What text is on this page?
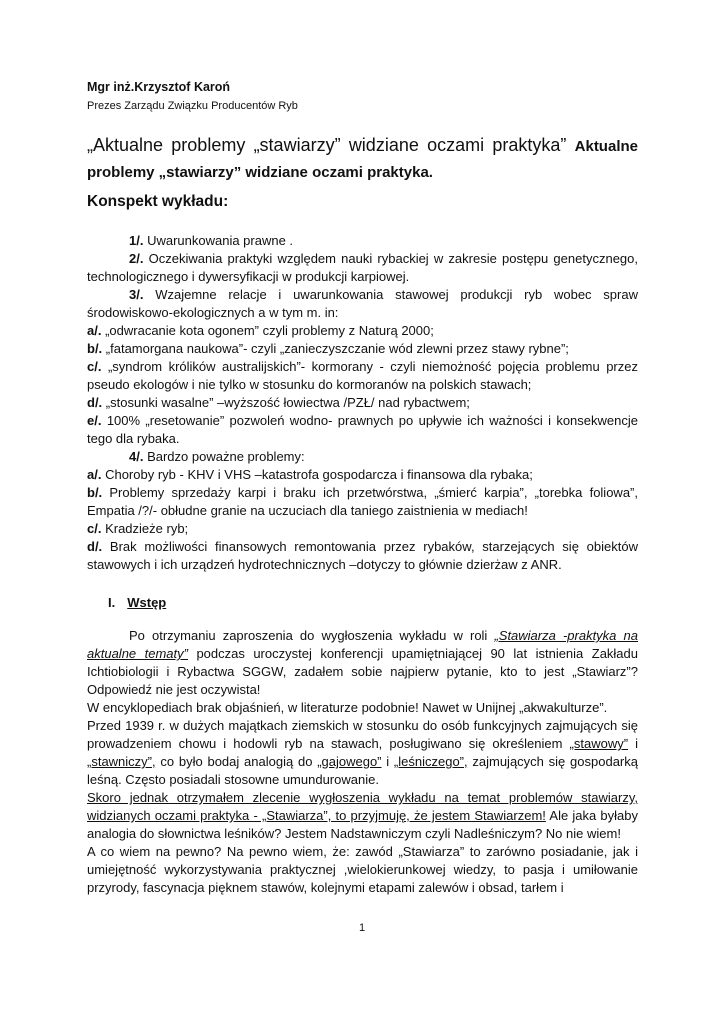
Mgr inż.Krzysztof Karoń
Prezes Zarządu Związku Producentów Ryb
„Aktualne problemy „stawiarzy” widziane oczami praktyka” Aktualne problemy „stawiarzy” widziane oczami praktyka.
Konspekt wykładu:

1/. Uwarunkowania prawne .

2/. Oczekiwania praktyki względem nauki rybackiej w zakresie postępu genetycznego, technologicznego i dywersyfikacji w produkcji karpiowej.

3/. Wzajemne relacje i uwarunkowania stawowej produkcji ryb wobec spraw środowiskowo-ekologicznych a w tym m. in:

a/. „odwracanie kota ogonem” czyli problemy z Naturą 2000;

b/. „fatamorgana naukowa”- czyli „zanieczyszczanie wód zlewni przez stawy rybne”;

c/. „syndrom królików australijskich”- kormorany - czyli niemożność pojęcia problemu przez pseudo ekologów i nie tylko w stosunku do kormoranów na polskich stawach;

d/. „stosunki wasalne” –wyższość łowiectwa /PZŁ/ nad rybactwem;

e/. 100% „resetowanie” pozwoleń wodno- prawnych po upływie ich ważności i konsekwencje tego dla rybaka.

4/. Bardzo poważne problemy:

a/. Choroby ryb - KHV i VHS –katastrofa gospodarcza i finansowa dla rybaka;

b/. Problemy sprzedaży karpi i braku ich przetwórstwa, „śmierć karpia”, „torebka foliowa”, Empatia /?/- obłudne granie na uczuciach dla taniego zaistnienia w mediach!

c/. Kradzieże ryb;

d/. Brak możliwości finansowych remontowania przez rybaków, starzejących się obiektów stawowych i ich urządzeń hydrotechnicznych –dotyczy to głównie dzierżaw z ANR.

I. Wstęp

Po otrzymaniu zaproszenia do wygłoszenia wykładu w roli „Stawiarza -praktyka na aktualne tematy” podczas uroczystej konferencji upamiętniającej 90 lat istnienia Zakładu Ichtiobiologii i Rybactwa SGGW, zadałem sobie najpierw pytanie, kto to jest „Stawiarz”? Odpowiedź nie jest oczywista!

W encyklopediach brak objaśnień, w literaturze podobnie! Nawet w Unijnej „akwakulturze”.

Przed 1939 r. w dużych majątkach ziemskich w stosunku do osób funkcyjnych zajmujących się prowadzeniem chowu i hodowli ryb na stawach, posługiwano się określeniem „stawowy” i „stawniczy”, co było bodaj analogią do „gajowego” i „leśniczego”, zajmujących się gospodarką leśną. Często posiadali stosowne umundurowanie.

Skoro jednak otrzymałem zlecenie wygłoszenia wykładu na temat problemów stawiarzy, widzianych oczami praktyka - „Stawiarza”, to przyjmuję, że jestem Stawiarzem! Ale jaka byłaby analogia do słownictwa leśników? Jestem Nadstawniczym czyli Nadleśniczym? No nie wiem!

A co wiem na pewno? Na pewno wiem, że: zawód „Stawiarza” to zarówno posiadanie, jak i umiejętność wykorzystywania praktycznej ,wielokierunkowej wiedzy, to pasja i umiłowanie przyrody, fascynacja pięknem stawów, kolejnymi etapami zalewów i obsad, tarłem i

1
